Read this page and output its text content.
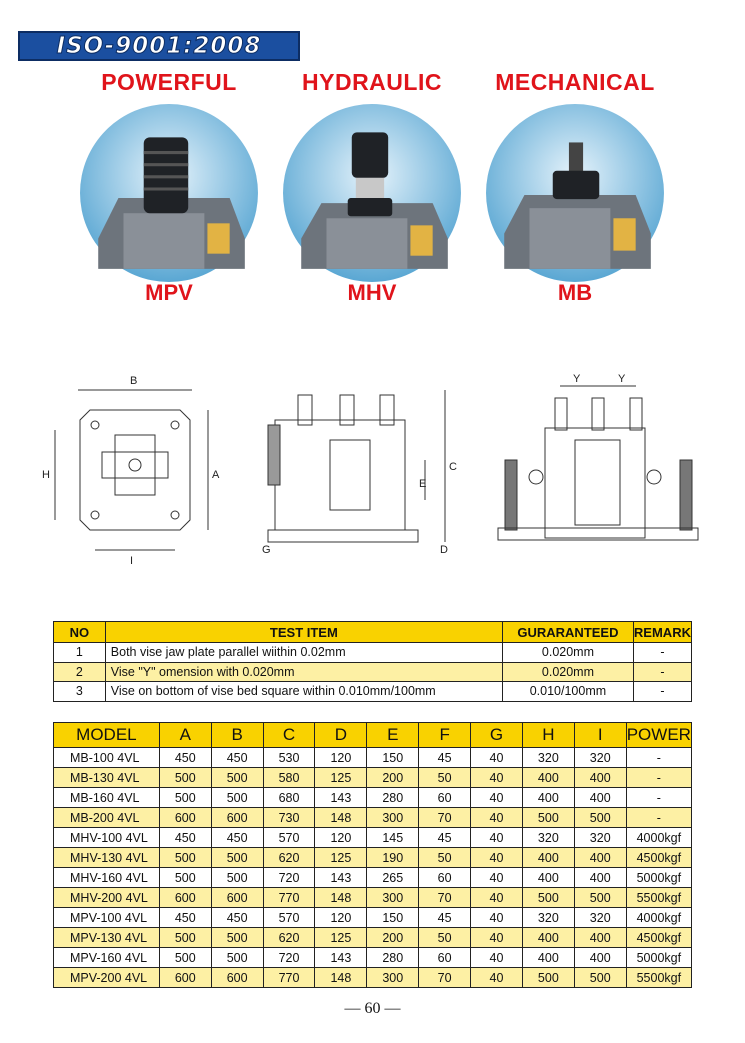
ISO-9001:2008
POWERFUL
MPV
HYDRAULIC
MHV
MECHANICAL
MB
B
H	A
I
C
E
G	D
Y	Y
NO	TEST ITEM	GURARANTEED	REMARK
1	Both vise jaw plate parallel wiithin 0.02mm	0.020mm	-
2	Vise "Y" omension with 0.020mm	0.020mm	-
3	Vise on bottom of vise bed square within 0.010mm/100mm	0.010/100mm	-
MODEL	A	B	C	D	E	F	G	H	I	POWER
MB-100 4VL	450	450	530	120	150	45	40	320	320	-
MB-130 4VL	500	500	580	125	200	50	40	400	400	-
MB-160 4VL	500	500	680	143	280	60	40	400	400	-
MB-200 4VL	600	600	730	148	300	70	40	500	500	-
MHV-100 4VL	450	450	570	120	145	45	40	320	320	4000kgf
MHV-130 4VL	500	500	620	125	190	50	40	400	400	4500kgf
MHV-160 4VL	500	500	720	143	265	60	40	400	400	5000kgf
MHV-200 4VL	600	600	770	148	300	70	40	500	500	5500kgf
MPV-100 4VL	450	450	570	120	150	45	40	320	320	4000kgf
MPV-130 4VL	500	500	620	125	200	50	40	400	400	4500kgf
MPV-160 4VL	500	500	720	143	280	60	40	400	400	5000kgf
MPV-200 4VL	600	600	770	148	300	70	40	500	500	5500kgf
— 60 —
